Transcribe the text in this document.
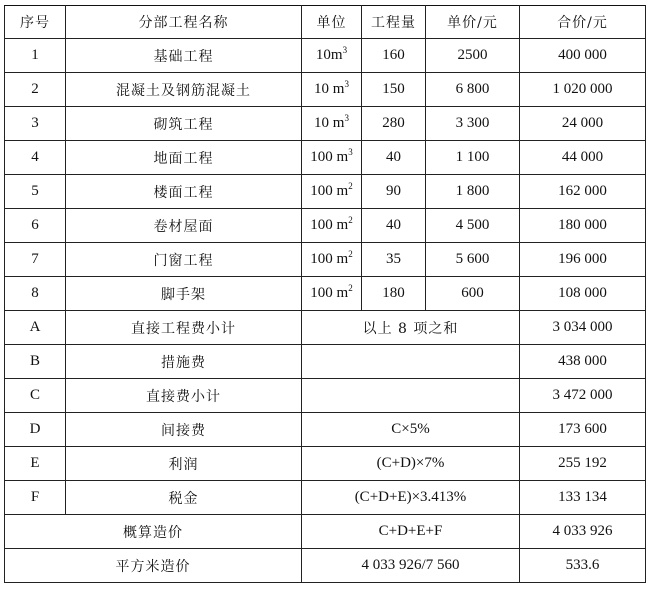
序号	分部工程名称	单位	工程量	单价/元	合价/元
1	基础工程	$10m^3$	160	2500	400 000
2	混凝土及钢筋混凝土	10 $m^3$	150	6 800	1 020 000
3	砌筑工程	10 $m^3$	280	3 300	24 000
4	地面工程	100 $m^3$	40	1 100	44 000
5	楼面工程	100 $m^2$	90	1 800	162 000
6	卷材屋面	100 $m^2$	40	4 500	180 000
7	门窗工程	100 $m^2$	35	5 600	196 000
8	脚手架	100 $m^2$	180	600	108 000
A	直接工程费小计	以上 8 项之和			3 034 000
B	措施费				438 000
C	直接费小计				3 472 000
D	间接费	C×5%			173 600
E	利润	(C+D)×7%			255 192
F	税金	(C+D+E)×3.413%			133 134
概算造价		C+D+E+F			4 033 926
平方米造价		4 033 926/7 560			533.6
